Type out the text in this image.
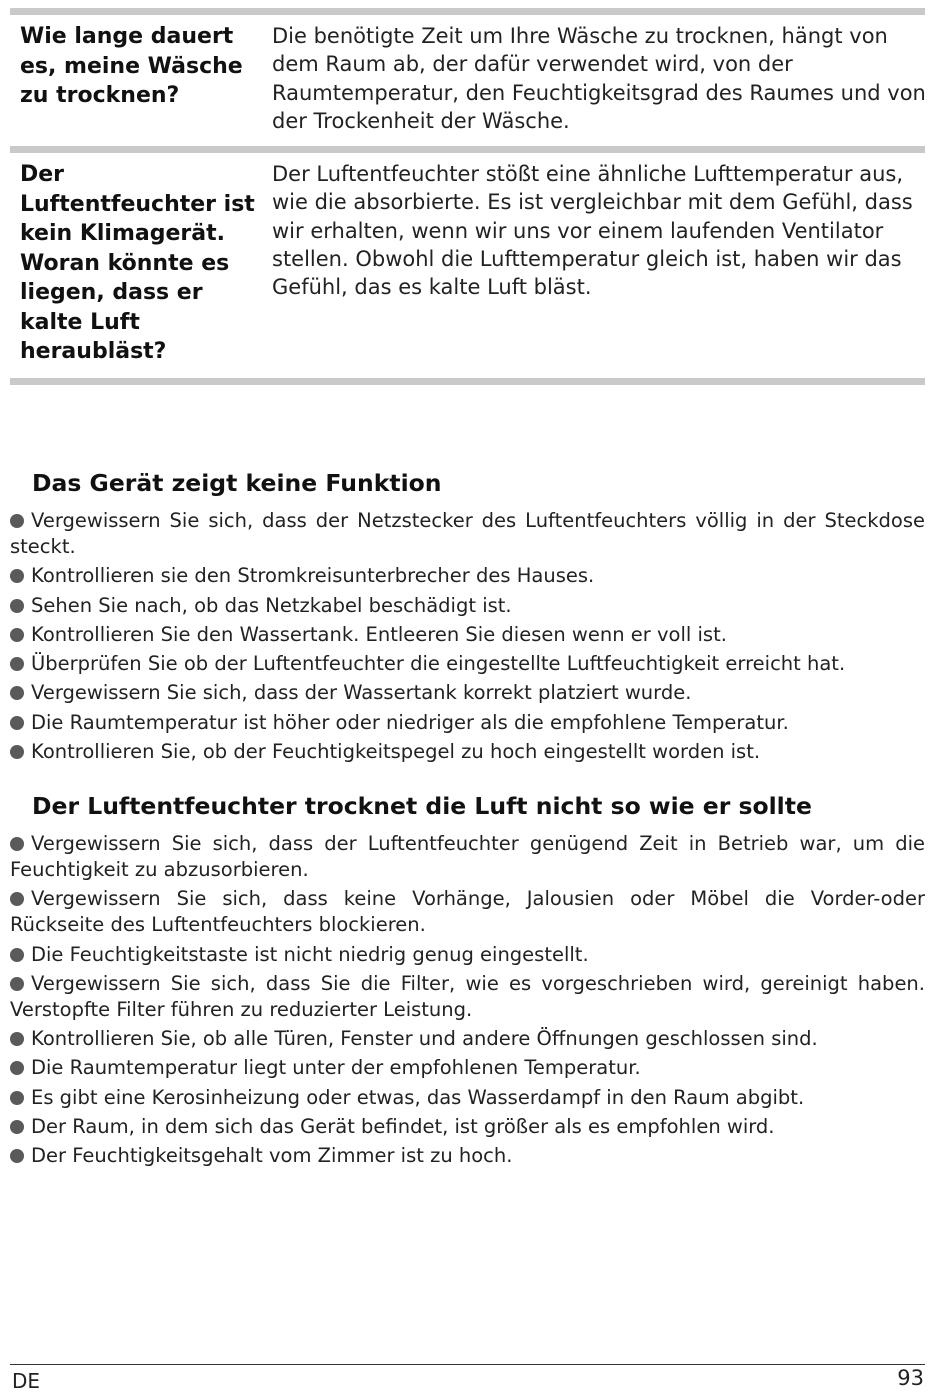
Wie lange dauert es, meine Wäsche zu trocknen?
Die benötigte Zeit um Ihre Wäsche zu trocknen, hängt von dem Raum ab, der dafür verwendet wird, von der Raumtemperatur, den Feuchtigkeitsgrad des Raumes und von der Trockenheit der Wäsche.
Der Luftentfeuchter ist kein Klimagerät. Woran könnte es liegen, dass er kalte Luft heraubläst?
Der Luftentfeuchter stößt eine ähnliche Lufttemperatur aus, wie die absorbierte. Es ist vergleichbar mit dem Gefühl, dass wir erhalten, wenn wir uns vor einem laufenden Ventilator stellen. Obwohl die Lufttemperatur gleich ist, haben wir das Gefühl, das es kalte Luft bläst.
Das Gerät zeigt keine Funktion
Vergewissern Sie sich, dass der Netzstecker des Luftentfeuchters völlig in der Steckdose steckt.
Kontrollieren sie den Stromkreisunterbrecher des Hauses.
Sehen Sie nach, ob das Netzkabel beschädigt ist.
Kontrollieren Sie den Wassertank. Entleeren Sie diesen wenn er voll ist.
Überprüfen Sie ob der Luftentfeuchter die eingestellte Luftfeuchtigkeit erreicht hat.
Vergewissern Sie sich, dass der Wassertank korrekt platziert wurde.
Die Raumtemperatur ist höher oder niedriger als die empfohlene Temperatur.
Kontrollieren Sie, ob der Feuchtigkeitspegel zu hoch eingestellt worden ist.
Der Luftentfeuchter trocknet die Luft nicht so wie er sollte
Vergewissern Sie sich, dass der Luftentfeuchter genügend Zeit in Betrieb war, um die Feuchtigkeit zu abzusorbieren.
Vergewissern Sie sich, dass keine Vorhänge, Jalousien oder Möbel die Vorder-oder Rückseite des Luftentfeuchters blockieren.
Die Feuchtigkeitstaste ist nicht niedrig genug eingestellt.
Vergewissern Sie sich, dass Sie die Filter, wie es vorgeschrieben wird, gereinigt haben. Verstopfte Filter führen zu reduzierter Leistung.
Kontrollieren Sie, ob alle Türen, Fenster und andere Öffnungen geschlossen sind.
Die Raumtemperatur liegt unter der empfohlenen Temperatur.
Es gibt eine Kerosinheizung oder etwas, das Wasserdampf in den Raum abgibt.
Der Raum, in dem sich das Gerät befindet, ist größer als es empfohlen wird.
Der Feuchtigkeitsgehalt vom Zimmer ist zu hoch.
DE	93
